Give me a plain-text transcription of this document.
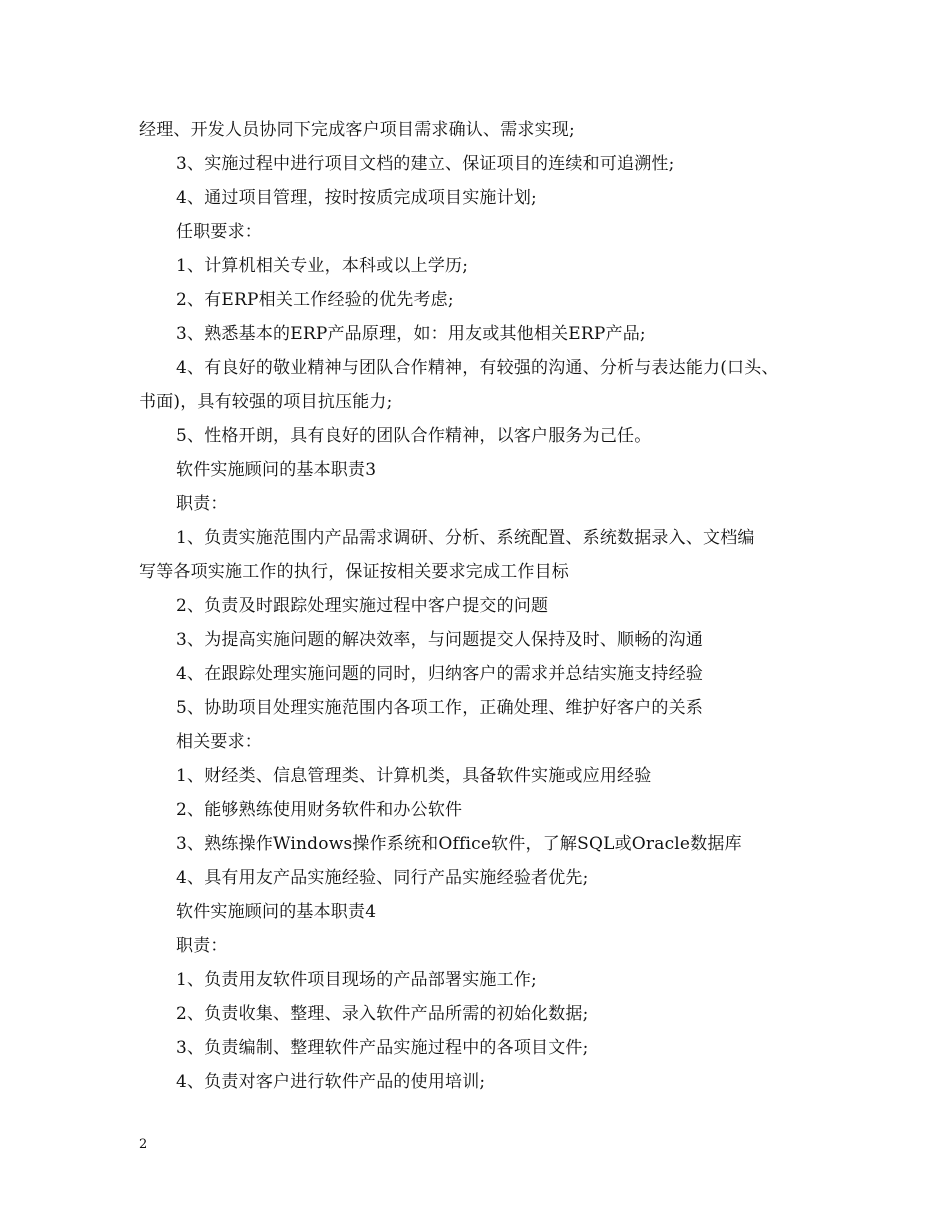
经理、开发人员协同下完成客户项目需求确认、需求实现;
3、实施过程中进行项目文档的建立、保证项目的连续和可追溯性;
4、通过项目管理，按时按质完成项目实施计划;
任职要求：
1、计算机相关专业，本科或以上学历;
2、有ERP相关工作经验的优先考虑;
3、熟悉基本的ERP产品原理，如：用友或其他相关ERP产品;
4、有良好的敬业精神与团队合作精神，有较强的沟通、分析与表达能力(口头、
书面)，具有较强的项目抗压能力;
5、性格开朗，具有良好的团队合作精神，以客户服务为己任。
软件实施顾问的基本职责3
职责：
1、负责实施范围内产品需求调研、分析、系统配置、系统数据录入、文档编
写等各项实施工作的执行，保证按相关要求完成工作目标
2、负责及时跟踪处理实施过程中客户提交的问题
3、为提高实施问题的解决效率，与问题提交人保持及时、顺畅的沟通
4、在跟踪处理实施问题的同时，归纳客户的需求并总结实施支持经验
5、协助项目处理实施范围内各项工作，正确处理、维护好客户的关系
相关要求：
1、财经类、信息管理类、计算机类，具备软件实施或应用经验
2、能够熟练使用财务软件和办公软件
3、熟练操作Windows操作系统和Office软件，了解SQL或Oracle数据库
4、具有用友产品实施经验、同行产品实施经验者优先;
软件实施顾问的基本职责4
职责：
1、负责用友软件项目现场的产品部署实施工作;
2、负责收集、整理、录入软件产品所需的初始化数据;
3、负责编制、整理软件产品实施过程中的各项目文件;
4、负责对客户进行软件产品的使用培训;
2
